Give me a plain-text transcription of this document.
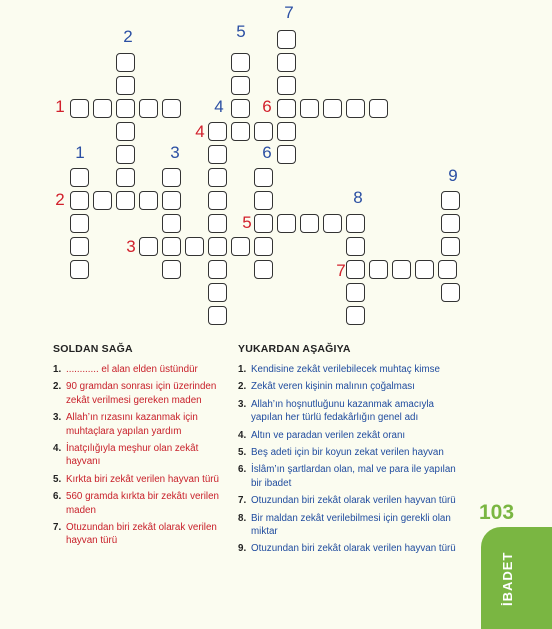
1
2
3
4
5
6
7
1
2
3
4
5
6
7
8
9
SOLDAN SAĞA
1. ............ el alan elden üstündür
2. 90 gramdan sonrası için üzerinden zekât verilmesi gereken maden
3. Allah’ın rızasını kazanmak için muhtaçlara yapılan yardım
4. İnatçılığıyla meşhur olan zekât hayvanı
5. Kırkta biri zekât verilen hayvan türü
6. 560 gramda kırkta bir zekâtı verilen maden
7. Otuzundan biri zekât olarak verilen hayvan türü
YUKARDAN AŞAĞIYA
1. Kendisine zekât verilebilecek muhtaç kimse
2. Zekât veren kişinin malının çoğalması
3. Allah’ın hoşnutluğunu kazanmak amacıyla yapılan her türlü fedakârlığın genel adı
4. Altın ve paradan verilen zekât oranı
5. Beş adeti için bir koyun zekat verilen hayvan
6. İslâm’ın şartlardan olan, mal ve para ile yapılan bir ibadet
7. Otuzundan biri zekât olarak verilen hayvan türü
8. Bir maldan zekât verilebilmesi için gerekli olan miktar
9. Otuzundan biri zekât olarak verilen hayvan türü
103
İBADET
